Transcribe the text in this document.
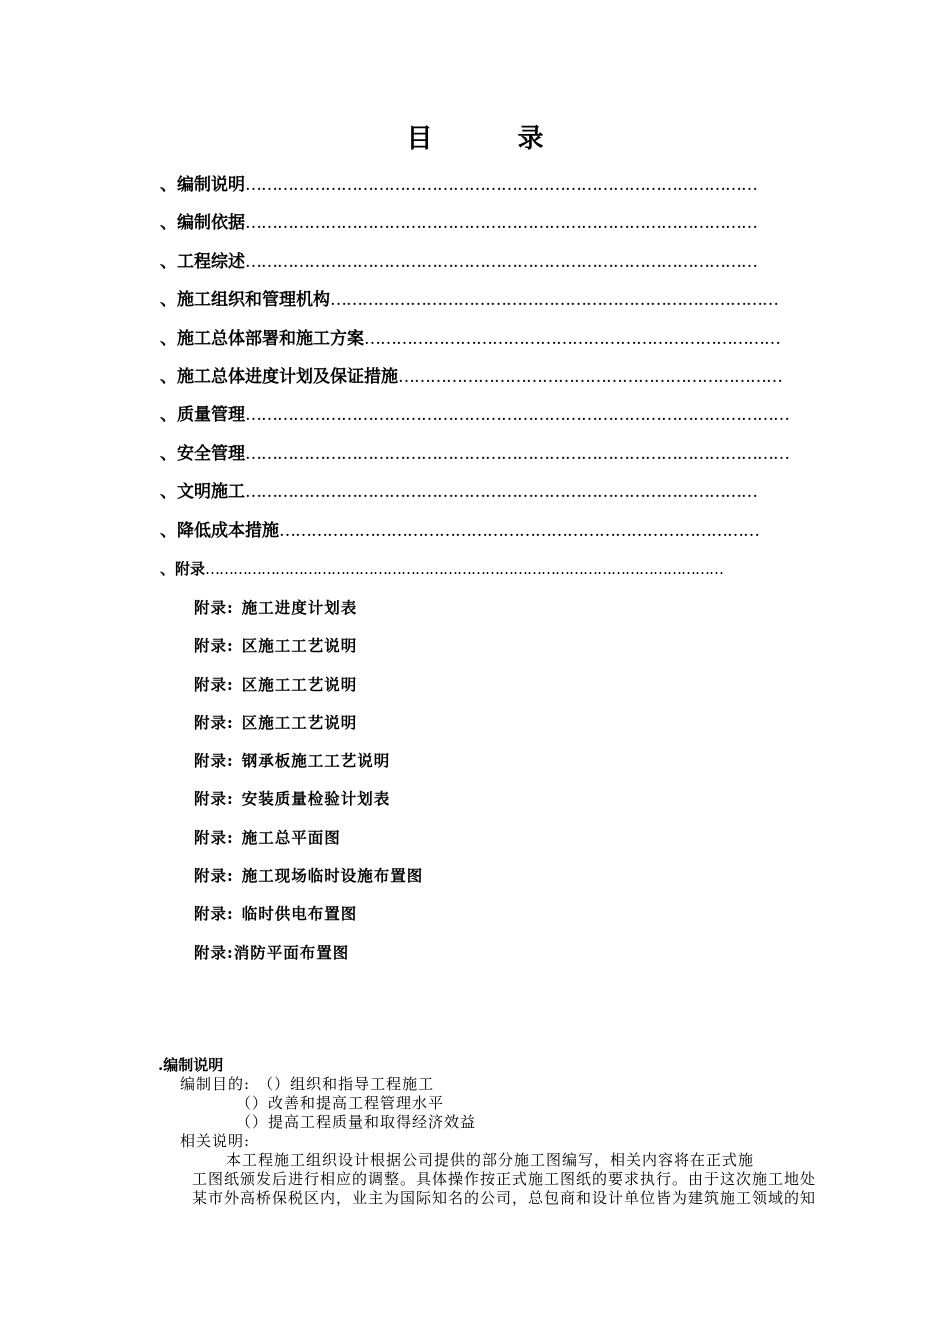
目 录
、编制说明 ……………………………………………………………………………………
、编制依据 ……………………………………………………………………………………
、工程综述 ……………………………………………………………………………………
、施工组织和管理机构 …………………………………………………………………………
、施工总体部署和施工方案 ……………………………………………………………………
、施工总体进度计划及保证措施 ………………………………………………………………
、质量管理 …………………………………………………………………………………………
、安全管理 …………………………………………………………………………………………
、文明施工 ……………………………………………………………………………………
、降低成本措施 ………………………………………………………………………………
、附录 …………………………………………………………………………………………………
附录: 施工进度计划表
附录: 区施工工艺说明
附录: 区施工工艺说明
附录: 区施工工艺说明
附录: 钢承板施工工艺说明
附录: 安装质量检验计划表
附录: 施工总平面图
附录: 施工现场临时设施布置图
附录: 临时供电布置图
附录:消防平面布置图
.编制说明
编制目的: （）组织和指导工程施工
（）改善和提高工程管理水平
（）提高工程质量和取得经济效益
相关说明:
本工程施工组织设计根据公司提供的部分施工图编写，相关内容将在正式施
工图纸颁发后进行相应的调整。具体操作按正式施工图纸的要求执行。由于这次施工地处
某市外高桥保税区内，业主为国际知名的公司，总包商和设计单位皆为建筑施工领域的知
